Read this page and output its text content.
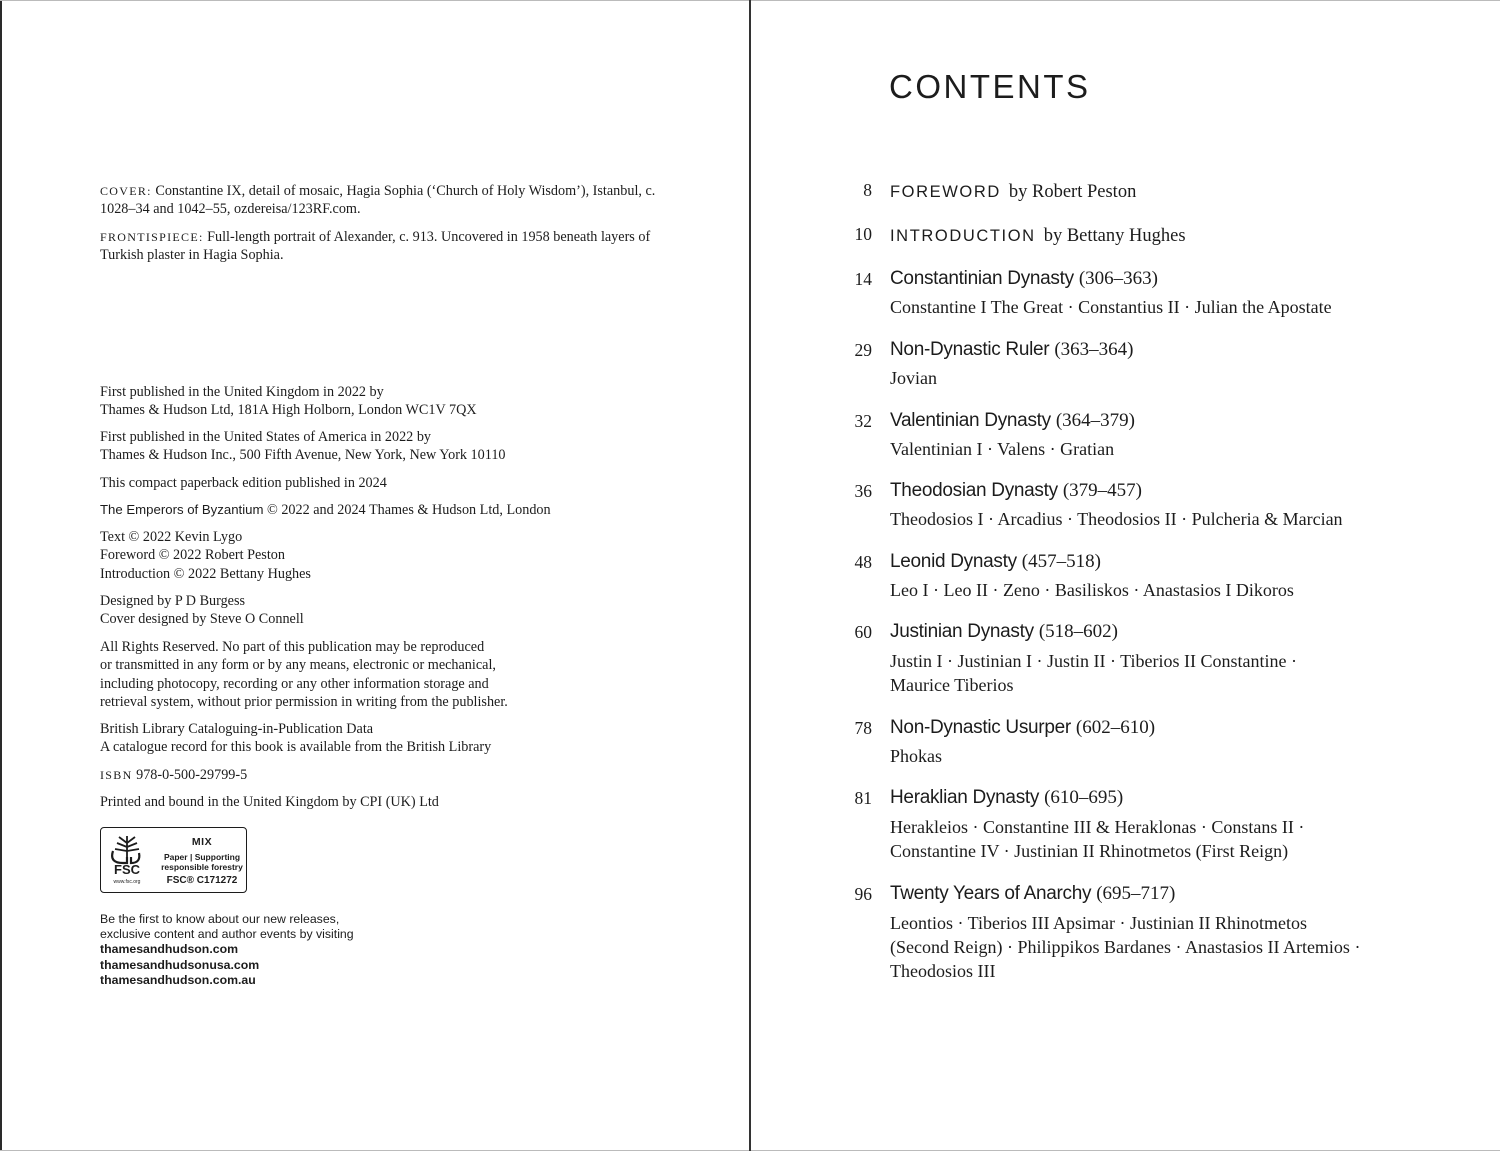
COVER: Constantine IX, detail of mosaic, Hagia Sophia (‘Church of Holy Wisdom’), Istanbul, c. 1028–34 and 1042–55, ozdereisa/123RF.com.
FRONTISPIECE: Full-length portrait of Alexander, c. 913. Uncovered in 1958 beneath layers of Turkish plaster in Hagia Sophia.
First published in the United Kingdom in 2022 by
Thames & Hudson Ltd, 181A High Holborn, London WC1V 7QX
First published in the United States of America in 2022 by
Thames & Hudson Inc., 500 Fifth Avenue, New York, New York 10110
This compact paperback edition published in 2024
The Emperors of Byzantium © 2022 and 2024 Thames & Hudson Ltd, London
Text © 2022 Kevin Lygo
Foreword © 2022 Robert Peston
Introduction © 2022 Bettany Hughes
Designed by P D Burgess
Cover designed by Steve O Connell
All Rights Reserved. No part of this publication may be reproduced
or transmitted in any form or by any means, electronic or mechanical,
including photocopy, recording or any other information storage and
retrieval system, without prior permission in writing from the publisher.
British Library Cataloguing-in-Publication Data
A catalogue record for this book is available from the British Library
ISBN 978-0-500-29799-5
Printed and bound in the United Kingdom by CPI (UK) Ltd
FSC
www.fsc.org
MIX
Paper | Supporting
responsible forestry
FSC® C171272
Be the first to know about our new releases,
exclusive content and author events by visiting
thamesandhudson.com
thamesandhudsonusa.com
thamesandhudson.com.au
CONTENTS
8 FOREWORD by Robert Peston
10 INTRODUCTION by Bettany Hughes
14 Constantinian Dynasty (306–363)
Constantine I The Great · Constantius II · Julian the Apostate
29 Non-Dynastic Ruler (363–364)
Jovian
32 Valentinian Dynasty (364–379)
Valentinian I · Valens · Gratian
36 Theodosian Dynasty (379–457)
Theodosios I · Arcadius · Theodosios II · Pulcheria & Marcian
48 Leonid Dynasty (457–518)
Leo I · Leo II · Zeno · Basiliskos · Anastasios I Dikoros
60 Justinian Dynasty (518–602)
Justin I · Justinian I · Justin II · Tiberios II Constantine ·
Maurice Tiberios
78 Non-Dynastic Usurper (602–610)
Phokas
81 Heraklian Dynasty (610–695)
Herakleios · Constantine III & Heraklonas · Constans II ·
Constantine IV · Justinian II Rhinotmetos (First Reign)
96 Twenty Years of Anarchy (695–717)
Leontios · Tiberios III Apsimar · Justinian II Rhinotmetos
(Second Reign) · Philippikos Bardanes · Anastasios II Artemios ·
Theodosios III
